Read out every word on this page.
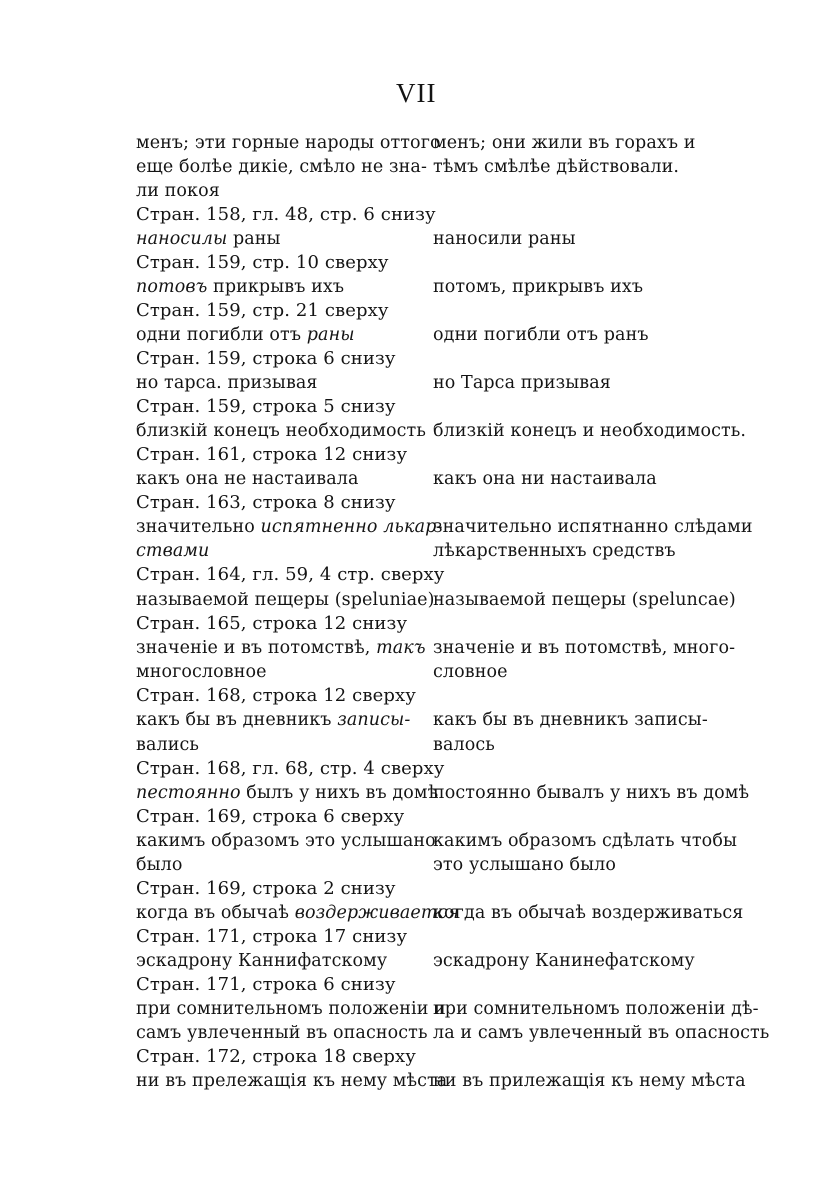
VII
менъ; эти горные народы оттого
еще болѣе дикіе, смѣло не зна-
ли покоя
Стран. 158, гл. 48, стр. 6 снизу
наносилы раны
Стран. 159, стр. 10 сверху
потовъ прикрывъ ихъ
Стран. 159, стр. 21 сверху
одни погибли отъ раны
Стран. 159, строка 6 снизу
но тарса. призывая
Стран. 159, строка 5 снизу
близкій конецъ необходимость
Стран. 161, строка 12 снизу
какъ она не настаивала
Стран. 163, строка 8 снизу
значительно испятненно лькар-
ствами
Стран. 164, гл. 59, 4 стр. сверху
называемой пещеры (speluniae)
Стран. 165, строка 12 снизу
значеніе и въ потомствѣ, такъ
многословное
Стран. 168, строка 12 сверху
какъ бы въ дневникъ записы-
вались
Стран. 168, гл. 68, стр. 4 сверху
пестоянно былъ у нихъ въ домѣ
Стран. 169, строка 6 сверху
какимъ образомъ это услышано
было
Стран. 169, строка 2 снизу
когда въ обычаѣ воздерживается
Стран. 171, строка 17 снизу
эскадрону Каннифатскому
Стран. 171, строка 6 снизу
при сомнительномъ положеніи и
самъ увлеченный въ опасность
Стран. 172, строка 18 сверху
ни въ прележащія къ нему мѣста
менъ; они жили въ горахъ и
тѣмъ смѣлѣе дѣйствовали.
наносили раны
потомъ, прикрывъ ихъ
одни погибли отъ ранъ
но Тарса призывая
близкій конецъ и необходимость.
какъ она ни настаивала
значительно испятнанно слѣдами
лѣкарственныхъ средствъ
называемой пещеры (speluncae)
значеніе и въ потомствѣ, много-
словное
какъ бы въ дневникъ записы-
валось
постоянно бывалъ у нихъ въ домѣ
какимъ образомъ сдѣлать чтобы
это услышано было
когда въ обычаѣ воздерживаться
эскадрону Канинефатскому
при сомнительномъ положеніи дѣ-
ла и самъ увлеченный въ опасность
ни въ прилежащія къ нему мѣста
